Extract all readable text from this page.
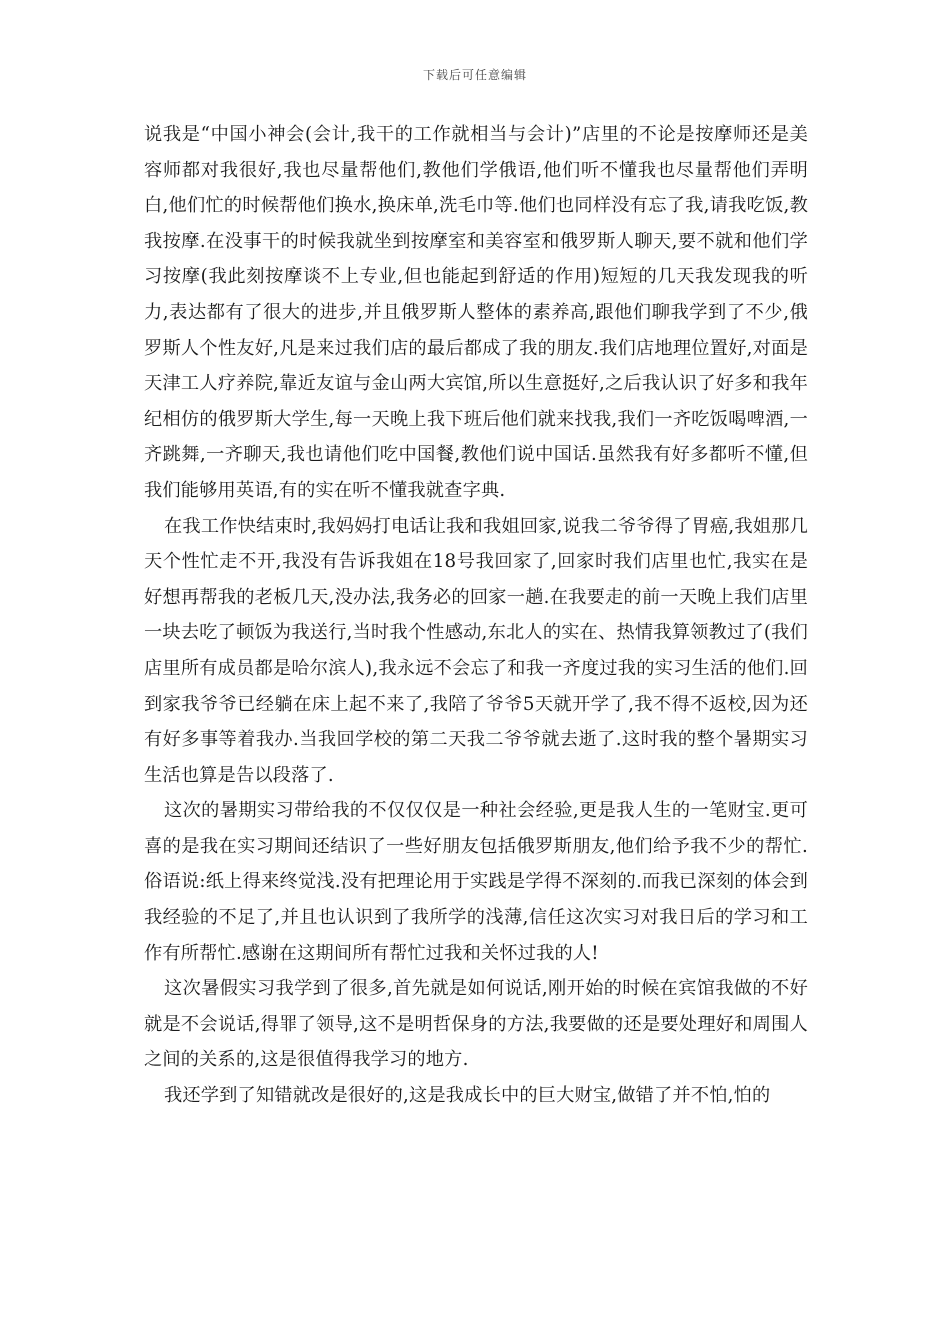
下载后可任意编辑

说我是“中国小神会(会计,我干的工作就相当与会计)”店里的不论是按摩师还是美容师都对我很好,我也尽量帮他们,教他们学俄语,他们听不懂我也尽量帮他们弄明白,他们忙的时候帮他们换水,换床单,洗毛巾等.他们也同样没有忘了我,请我吃饭,教我按摩.在没事干的时候我就坐到按摩室和美容室和俄罗斯人聊天,要不就和他们学习按摩(我此刻按摩谈不上专业,但也能起到舒适的作用)短短的几天我发现我的听力,表达都有了很大的进步,并且俄罗斯人整体的素养高,跟他们聊我学到了不少,俄罗斯人个性友好,凡是来过我们店的最后都成了我的朋友.我们店地理位置好,对面是天津工人疗养院,靠近友谊与金山两大宾馆,所以生意挺好,之后我认识了好多和我年纪相仿的俄罗斯大学生,每一天晚上我下班后他们就来找我,我们一齐吃饭喝啤酒,一齐跳舞,一齐聊天,我也请他们吃中国餐,教他们说中国话.虽然我有好多都听不懂,但我们能够用英语,有的实在听不懂我就查字典.

在我工作快结束时,我妈妈打电话让我和我姐回家,说我二爷爷得了胃癌,我姐那几天个性忙走不开,我没有告诉我姐在18号我回家了,回家时我们店里也忙,我实在是好想再帮我的老板几天,没办法,我务必的回家一趟.在我要走的前一天晚上我们店里一块去吃了顿饭为我送行,当时我个性感动,东北人的实在、热情我算领教过了(我们店里所有成员都是哈尔滨人),我永远不会忘了和我一齐度过我的实习生活的他们.回到家我爷爷已经躺在床上起不来了,我陪了爷爷5天就开学了,我不得不返校,因为还有好多事等着我办.当我回学校的第二天我二爷爷就去逝了.这时我的整个暑期实习生活也算是告以段落了.

这次的暑期实习带给我的不仅仅仅是一种社会经验,更是我人生的一笔财宝.更可喜的是我在实习期间还结识了一些好朋友包括俄罗斯朋友,他们给予我不少的帮忙.俗语说:纸上得来终觉浅.没有把理论用于实践是学得不深刻的.而我已深刻的体会到我经验的不足了,并且也认识到了我所学的浅薄,信任这次实习对我日后的学习和工作有所帮忙.感谢在这期间所有帮忙过我和关怀过我的人!

这次暑假实习我学到了很多,首先就是如何说话,刚开始的时候在宾馆我做的不好就是不会说话,得罪了领导,这不是明哲保身的方法,我要做的还是要处理好和周围人之间的关系的,这是很值得我学习的地方.

我还学到了知错就改是很好的,这是我成长中的巨大财宝,做错了并不怕,怕的
